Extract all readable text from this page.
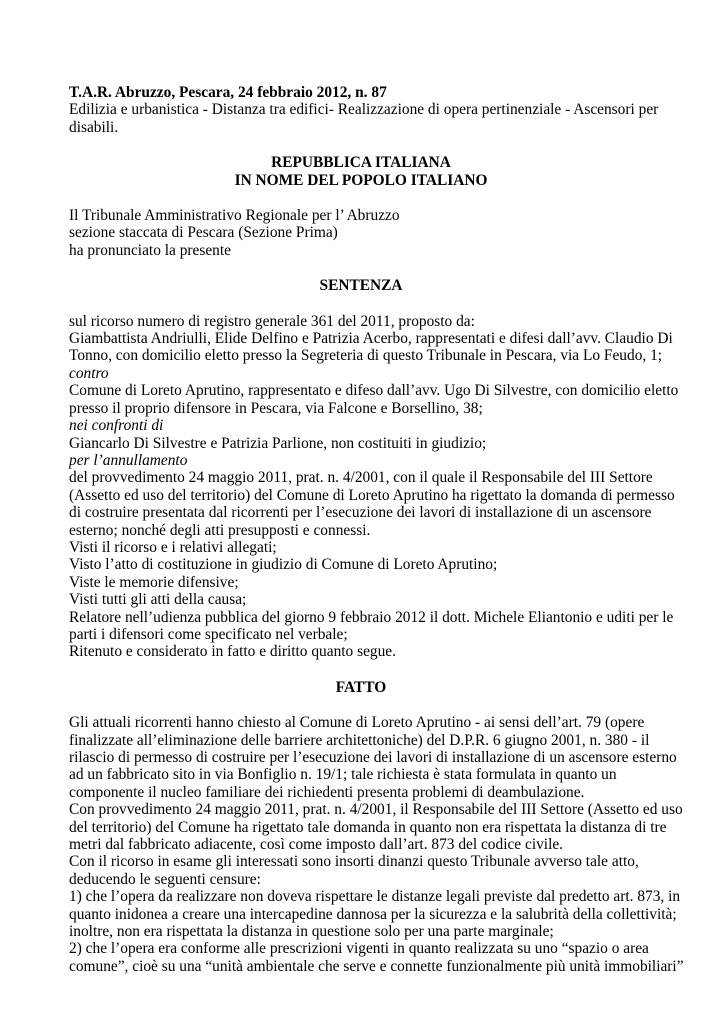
T.A.R. Abruzzo, Pescara, 24 febbraio 2012, n. 87
Edilizia e urbanistica - Distanza tra edifici- Realizzazione di opera pertinenziale - Ascensori per
disabili.
REPUBBLICA ITALIANA
IN NOME DEL POPOLO ITALIANO
Il Tribunale Amministrativo Regionale per l’ Abruzzo
sezione staccata di Pescara (Sezione Prima)
ha pronunciato la presente
SENTENZA
sul ricorso numero di registro generale 361 del 2011, proposto da:
Giambattista Andriulli, Elide Delfino e Patrizia Acerbo, rappresentati e difesi dall’avv. Claudio Di
Tonno, con domicilio eletto presso la Segreteria di questo Tribunale in Pescara, via Lo Feudo, 1;
contro
Comune di Loreto Aprutino, rappresentato e difeso dall’avv. Ugo Di Silvestre, con domicilio eletto
presso il proprio difensore in Pescara, via Falcone e Borsellino, 38;
nei confronti di
Giancarlo Di Silvestre e Patrizia Parlione, non costituiti in giudizio;
per l’annullamento
del provvedimento 24 maggio 2011, prat. n. 4/2001, con il quale il Responsabile del III Settore
(Assetto ed uso del territorio) del Comune di Loreto Aprutino ha rigettato la domanda di permesso
di costruire presentata dal ricorrenti per l’esecuzione dei lavori di installazione di un ascensore
esterno; nonché degli atti presupposti e connessi.
Visti il ricorso e i relativi allegati;
Visto l’atto di costituzione in giudizio di Comune di Loreto Aprutino;
Viste le memorie difensive;
Visti tutti gli atti della causa;
Relatore nell’udienza pubblica del giorno 9 febbraio 2012 il dott. Michele Eliantonio e uditi per le
parti i difensori come specificato nel verbale;
Ritenuto e considerato in fatto e diritto quanto segue.
FATTO
Gli attuali ricorrenti hanno chiesto al Comune di Loreto Aprutino - ai sensi dell’art. 79 (opere
finalizzate all’eliminazione delle barriere architettoniche) del D.P.R. 6 giugno 2001, n. 380 - il
rilascio di permesso di costruire per l’esecuzione dei lavori di installazione di un ascensore esterno
ad un fabbricato sito in via Bonfiglio n. 19/1; tale richiesta è stata formulata in quanto un
componente il nucleo familiare dei richiedenti presenta problemi di deambulazione.
Con provvedimento 24 maggio 2011, prat. n. 4/2001, il Responsabile del III Settore (Assetto ed uso
del territorio) del Comune ha rigettato tale domanda in quanto non era rispettata la distanza di tre
metri dal fabbricato adiacente, così come imposto dall’art. 873 del codice civile.
Con il ricorso in esame gli interessati sono insorti dinanzi questo Tribunale avverso tale atto,
deducendo le seguenti censure:
1) che l’opera da realizzare non doveva rispettare le distanze legali previste dal predetto art. 873, in
quanto inidonea a creare una intercapedine dannosa per la sicurezza e la salubrità della collettività;
inoltre, non era rispettata la distanza in questione solo per una parte marginale;
2) che l’opera era conforme alle prescrizioni vigenti in quanto realizzata su uno “spazio o area
comune”, cioè su una “unità ambientale che serve e connette funzionalmente più unità immobiliari”
